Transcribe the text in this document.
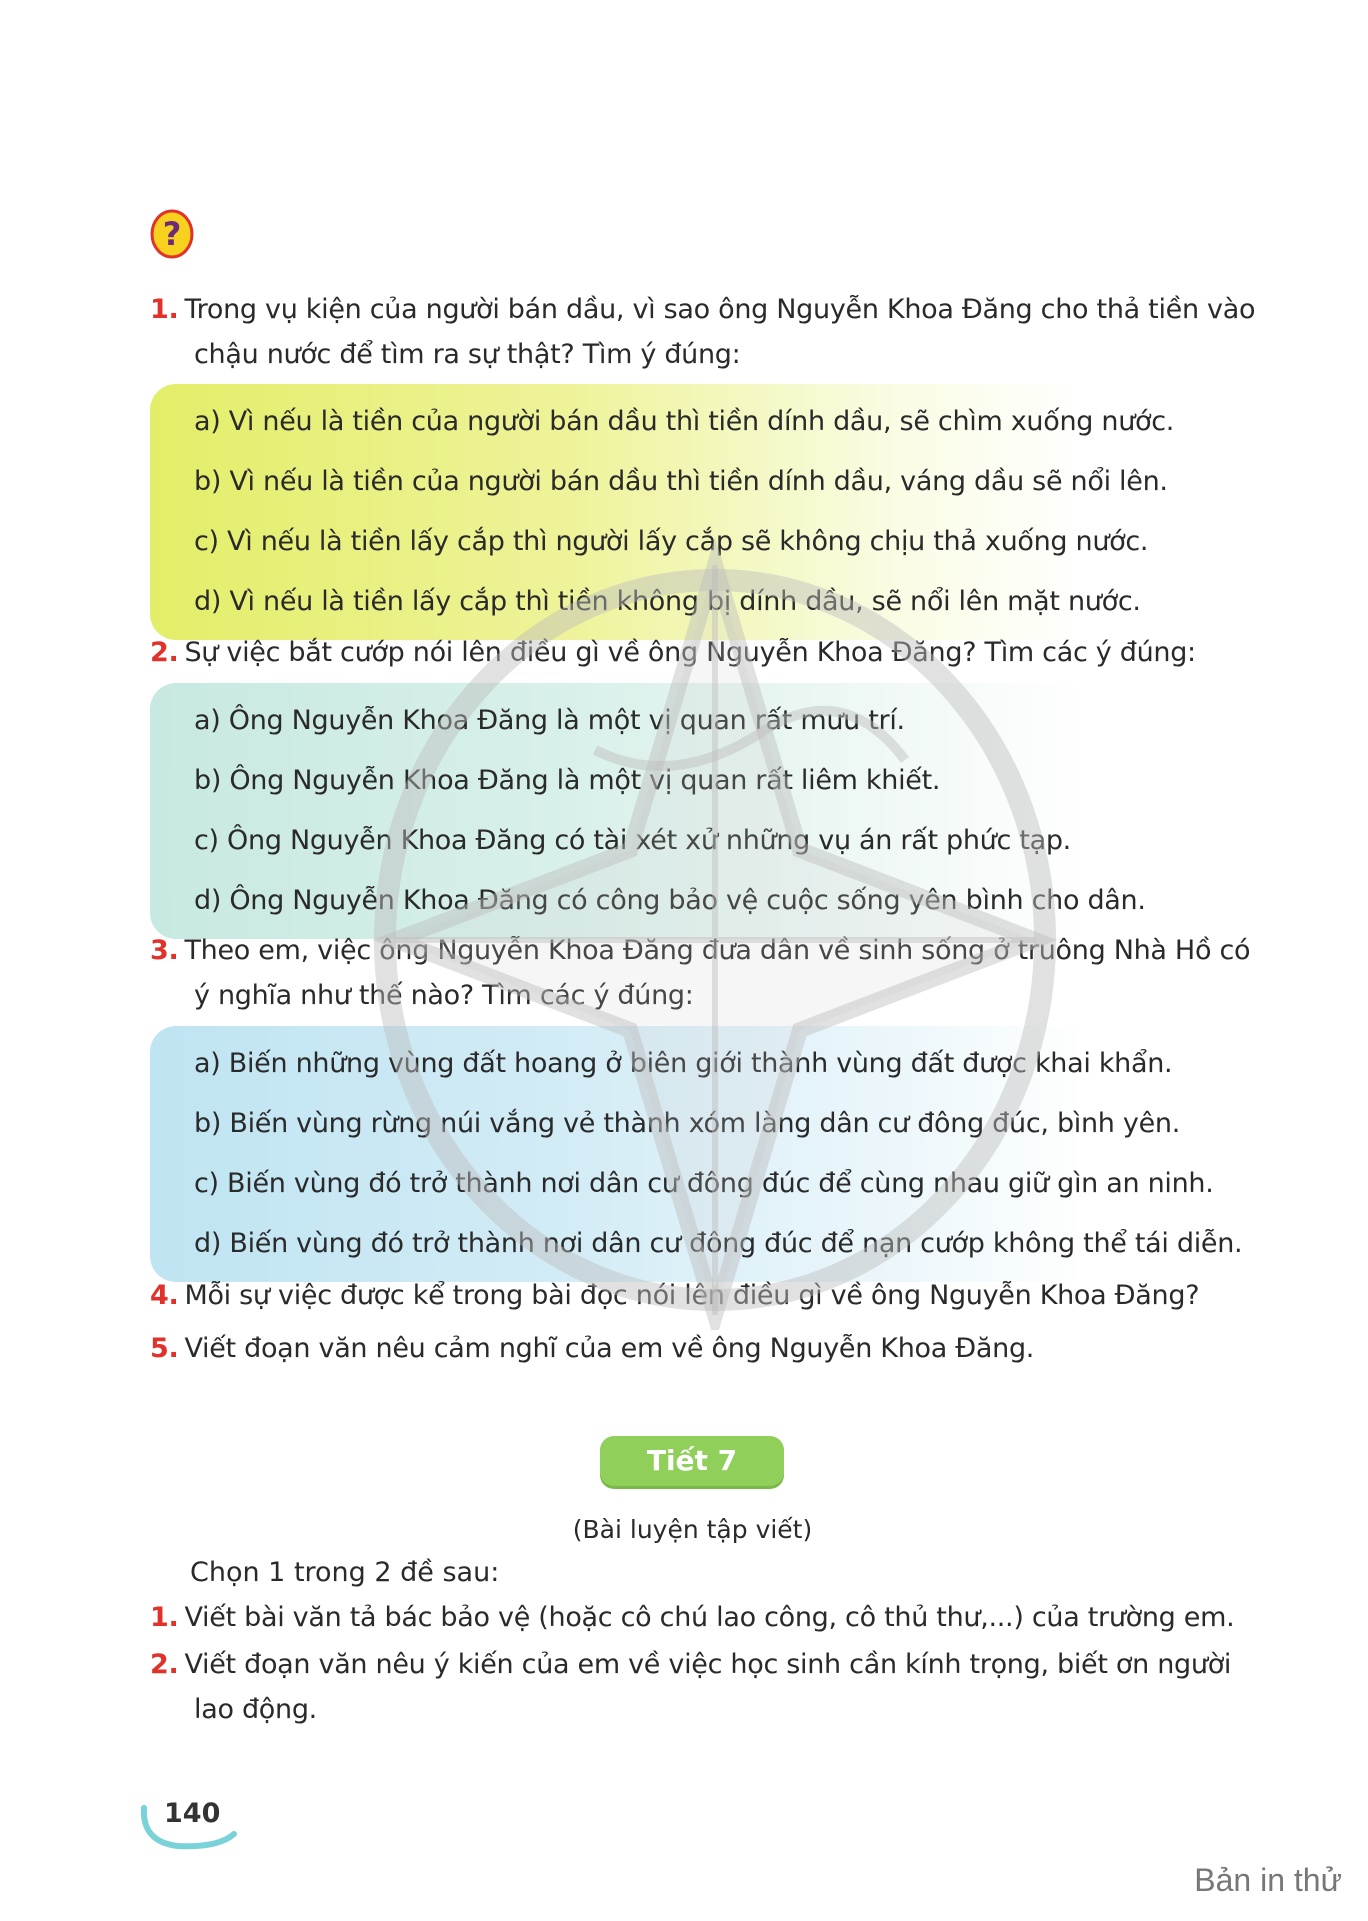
?
1. Trong vụ kiện của người bán dầu, vì sao ông Nguyễn Khoa Đăng cho thả tiền vào
chậu nước để tìm ra sự thật? Tìm ý đúng:
a) Vì nếu là tiền của người bán dầu thì tiền dính dầu, sẽ chìm xuống nước.
b) Vì nếu là tiền của người bán dầu thì tiền dính dầu, váng dầu sẽ nổi lên.
c) Vì nếu là tiền lấy cắp thì người lấy cắp sẽ không chịu thả xuống nước.
d) Vì nếu là tiền lấy cắp thì tiền không bị dính dầu, sẽ nổi lên mặt nước.
2. Sự việc bắt cướp nói lên điều gì về ông Nguyễn Khoa Đăng? Tìm các ý đúng:
a) Ông Nguyễn Khoa Đăng là một vị quan rất mưu trí.
b) Ông Nguyễn Khoa Đăng là một vị quan rất liêm khiết.
c) Ông Nguyễn Khoa Đăng có tài xét xử những vụ án rất phức tạp.
d) Ông Nguyễn Khoa Đăng có công bảo vệ cuộc sống yên bình cho dân.
3. Theo em, việc ông Nguyễn Khoa Đăng đưa dân về sinh sống ở truông Nhà Hồ có
ý nghĩa như thế nào? Tìm các ý đúng:
a) Biến những vùng đất hoang ở biên giới thành vùng đất được khai khẩn.
b) Biến vùng rừng núi vắng vẻ thành xóm làng dân cư đông đúc, bình yên.
c) Biến vùng đó trở thành nơi dân cư đông đúc để cùng nhau giữ gìn an ninh.
d) Biến vùng đó trở thành nơi dân cư đông đúc để nạn cướp không thể tái diễn.
4. Mỗi sự việc được kể trong bài đọc nói lên điều gì về ông Nguyễn Khoa Đăng?
5. Viết đoạn văn nêu cảm nghĩ của em về ông Nguyễn Khoa Đăng.
Tiết 7
(Bài luyện tập viết)
Chọn 1 trong 2 đề sau:
1. Viết bài văn tả bác bảo vệ (hoặc cô chú lao công, cô thủ thư,...) của trường em.
2. Viết đoạn văn nêu ý kiến của em về việc học sinh cần kính trọng, biết ơn người
lao động.
140
Bản in thử
